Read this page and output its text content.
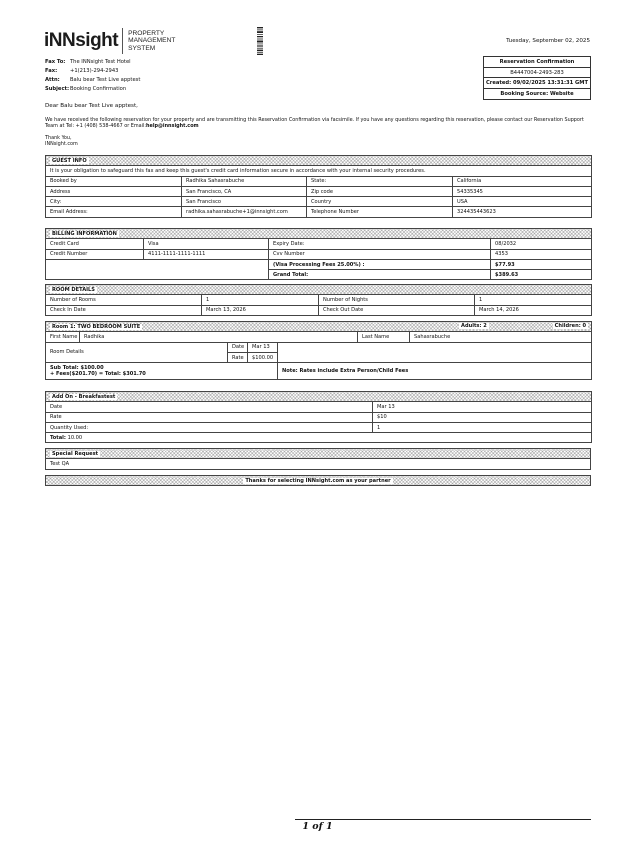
iNNsight PROPERTY
MANAGEMENT
SYSTEM
Tuesday, September 02, 2025
Fax To: The INNsight Test Hotel
Fax:	+1(213)-294-2943
Attn:	Balu bear Test Live apptest
Subject: Booking Confirmation
Reservation Confirmation
B4447004-2493-283
Created: 09/02/2025 13:31:31 GMT
Booking Source: Website
Dear Balu bear Test Live apptest,
We have received the following reservation for your property and are transmitting this Reservation Confirmation via facsimile. If you have any questions regarding this reservation, please contact our Reservation Support Team at Tel: +1 (408) 538-4667 or Email:help@innsight.com
Thank You,
INNsight.com
GUEST INFO			
It is your obligation to safeguard this fax and keep this guest's credit card information secure in accordance with your internal security procedures.			
Booked by	Radhika Sahasrabuche	State:	California
Address	San Francisco, CA	Zip code	54335345
City:	San Francisco	Country	USA
Email Address:	radhika.sahasrabuche+1@innsight.com	Telephone Number	324435443623
BILLING INFORMATION			
Credit Card	Visa	Expiry Date:	08/2032
Credit Number	4111-1111-1111-1111	Cvv Number	4353
		(Visa Processing Fees 25.00%) :	$77.93
		Grand Total:	$389.63
ROOM DETAILS			
Number of Rooms	1	Number of Nights	1
Check In Date	March 13, 2026	Check Out Date	March 14, 2026
Room 1: TWO BEDROOM SUITE Adults: 2 Children: 0						

First Name	Radhika				Last Name	Sahasrabuche
Room Details		Date	Mar 13			
		Rate	$100.00			
Sub Total: $100.00
+ Fees($201.70) = Total: $301.70				Note: Rates include Extra Person/Child Fees		
Add On - Breakfastest	
Date	Mar 13
Rate	$10
Quantity Used:	1
Total: 10.00	
Special Request
Test QA
Thanks for selecting INNsight.com as your partner
1 of 1
